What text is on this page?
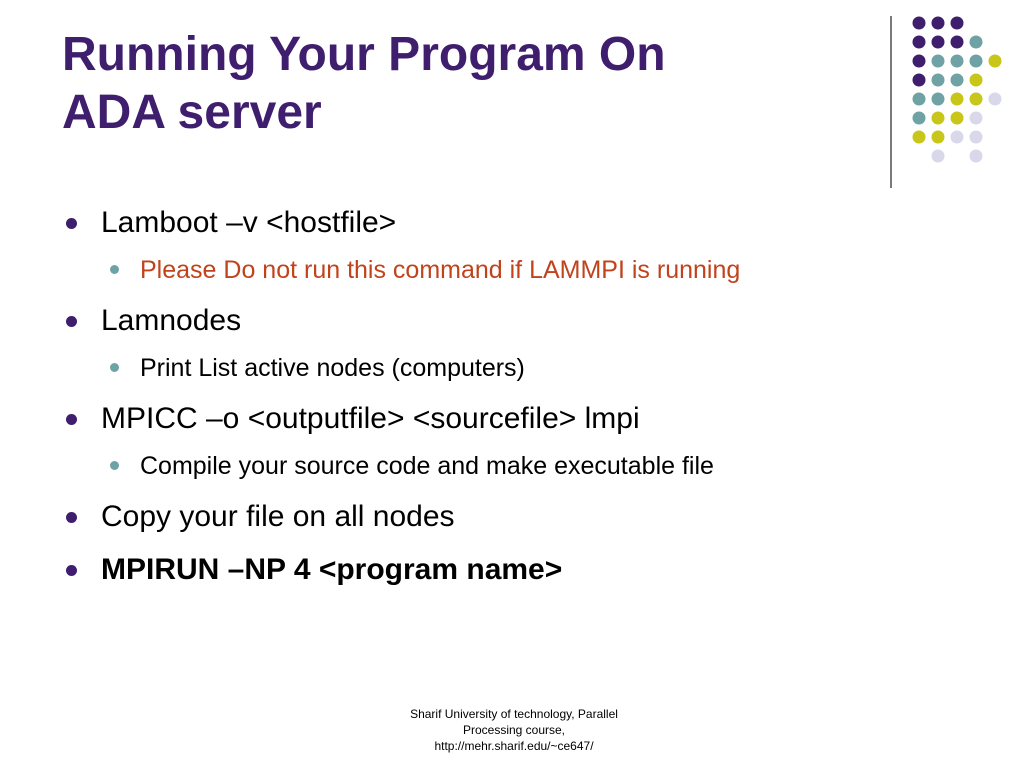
Running Your Program On
ADA server
Lamboot –v <hostfile>
Please Do not run this command if LAMMPI is running
Lamnodes
Print List active nodes (computers)
MPICC –o <outputfile> <sourcefile> lmpi
Compile your source code and make executable file
Copy your file on all nodes
MPIRUN –NP 4 <program name>
Sharif University of technology, Parallel
Processing course,
http://mehr.sharif.edu/~ce647/
